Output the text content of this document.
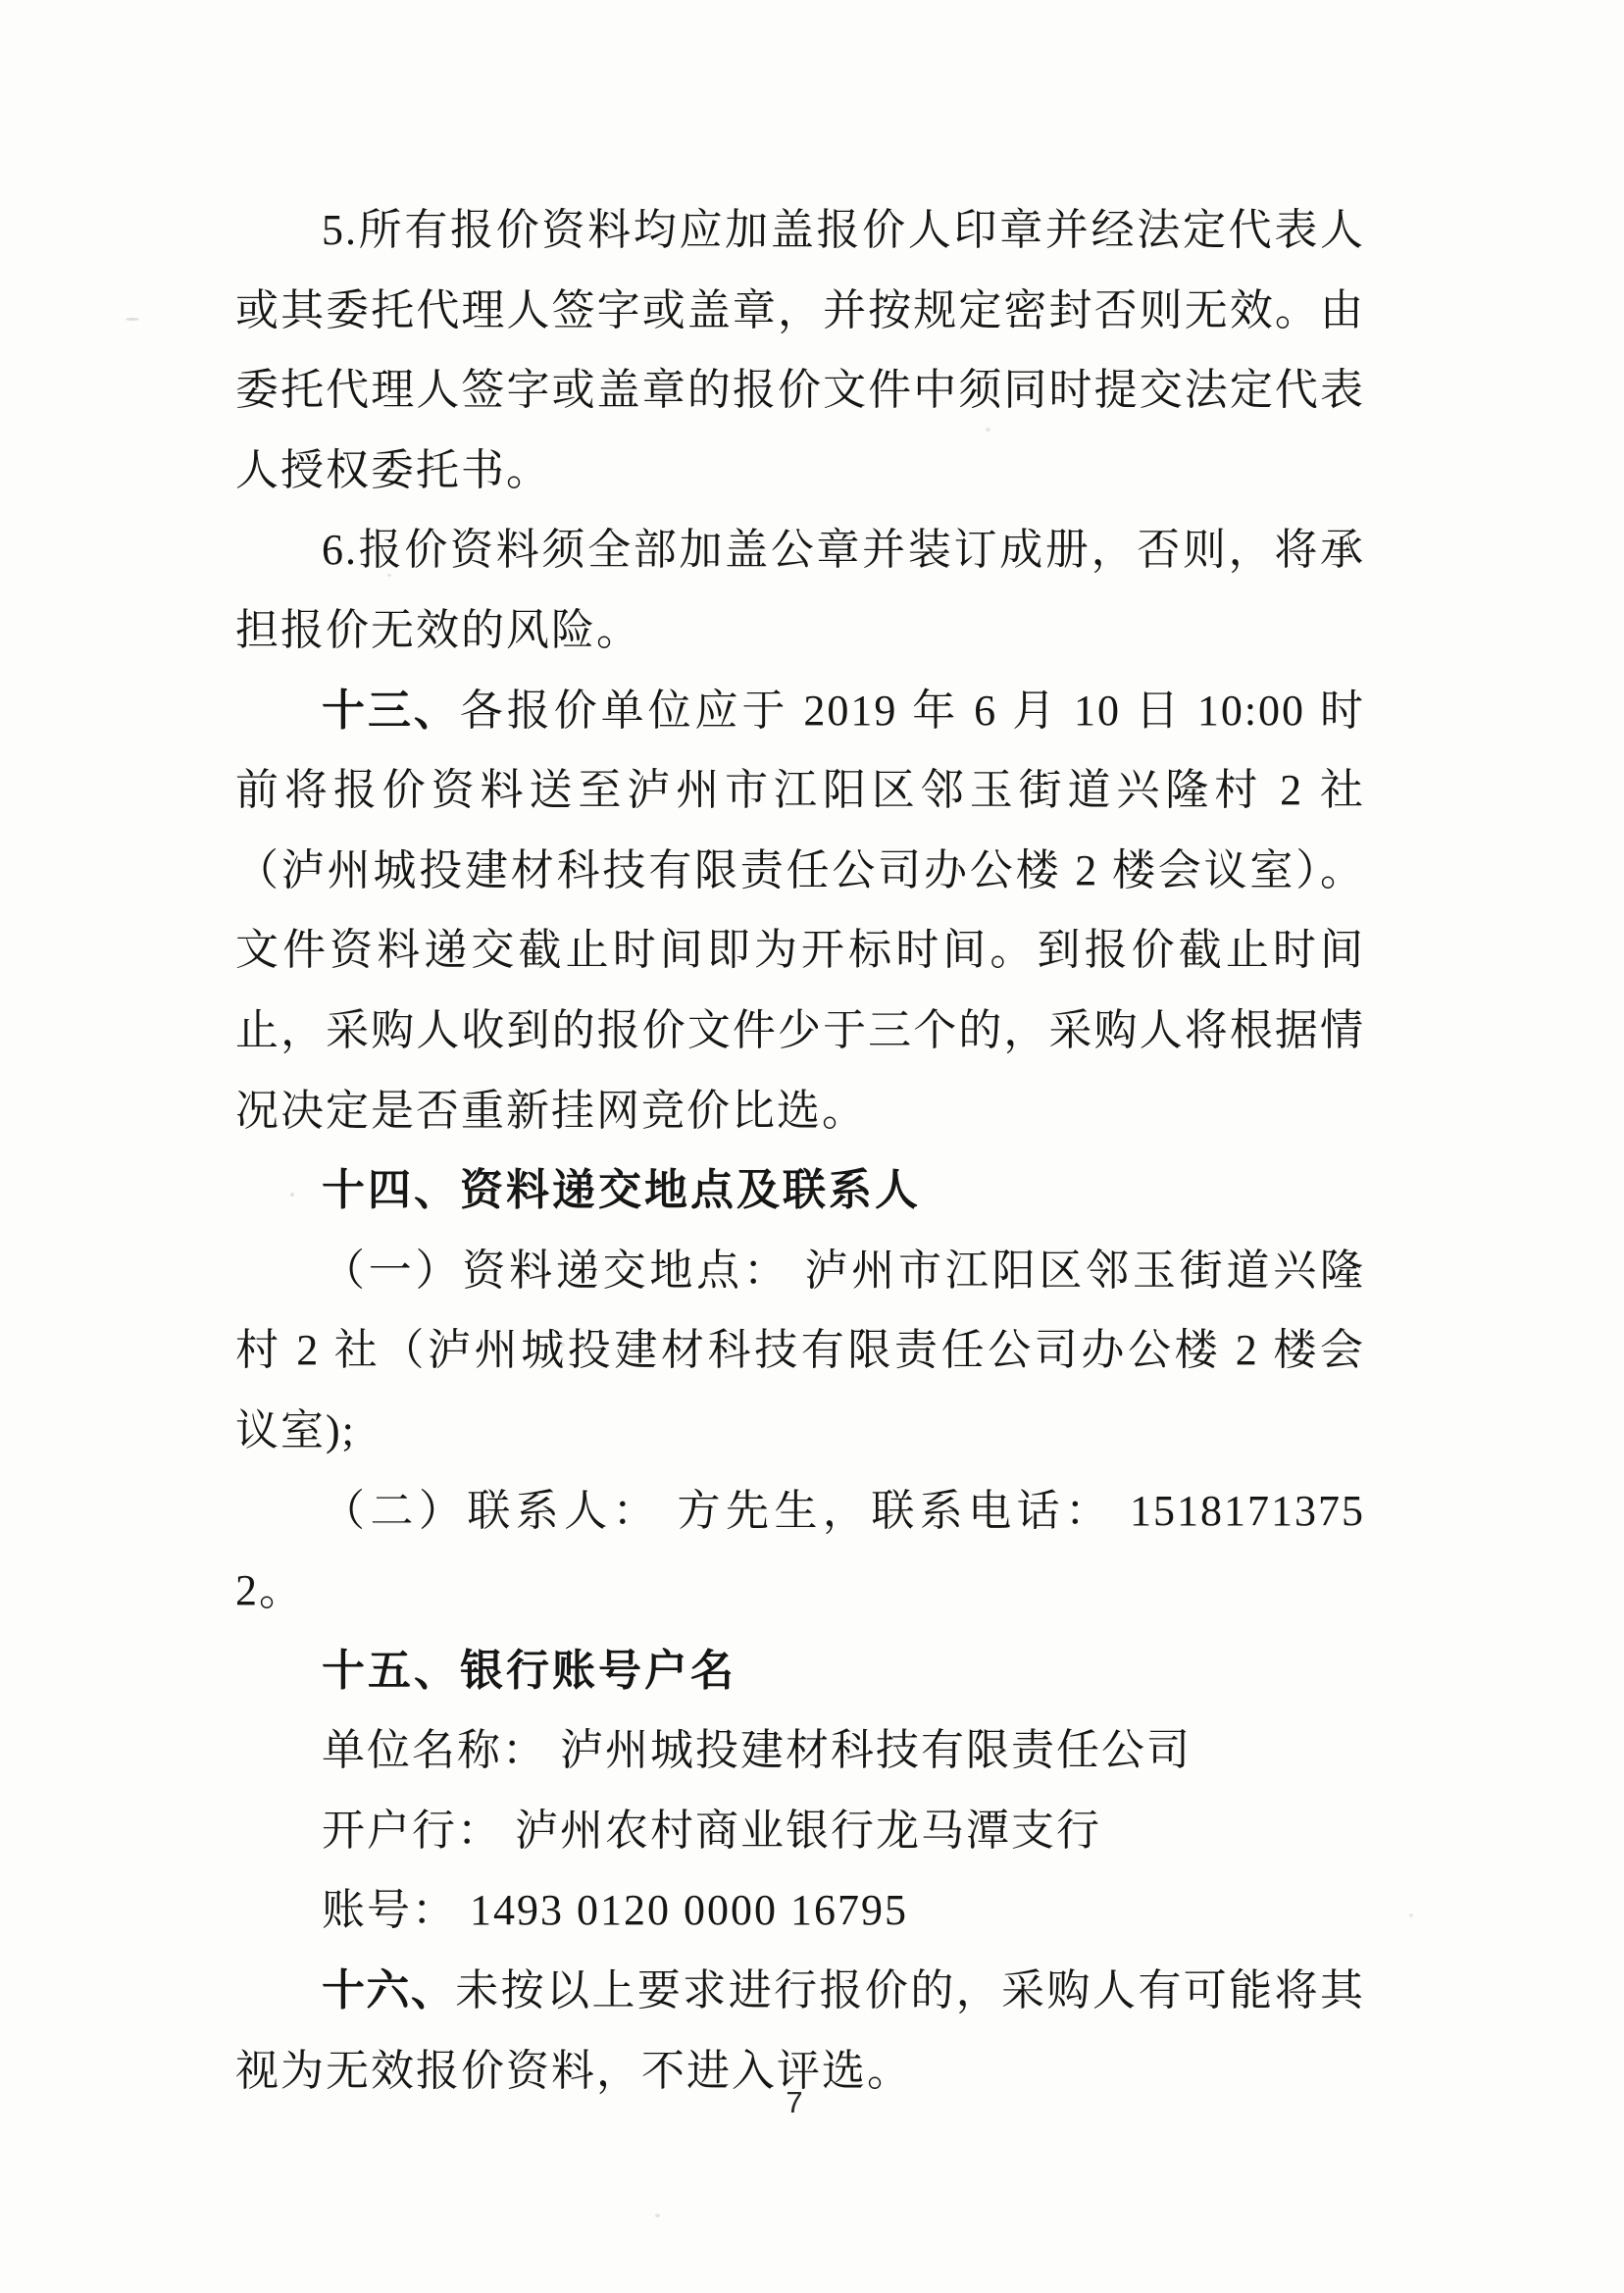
5.所有报价资料均应加盖报价人印章并经法定代表人或其委托代理人签字或盖章，并按规定密封否则无效。由委托代理人签字或盖章的报价文件中须同时提交法定代表人授权委托书。

6.报价资料须全部加盖公章并装订成册，否则，将承担报价无效的风险。

十三、各报价单位应于 2019 年 6 月 10 日 10:00 时前将报价资料送至泸州市江阳区邻玉街道兴隆村 2 社（泸州城投建材科技有限责任公司办公楼 2 楼会议室）。文件资料递交截止时间即为开标时间。到报价截止时间止，采购人收到的报价文件少于三个的，采购人将根据情况决定是否重新挂网竞价比选。

十四、资料递交地点及联系人

（一）资料递交地点： 泸州市江阳区邻玉街道兴隆村 2 社（泸州城投建材科技有限责任公司办公楼 2 楼会议室);

（二）联系人： 方先生，联系电话： 15181713752。

十五、银行账号户名

单位名称： 泸州城投建材科技有限责任公司

开户行： 泸州农村商业银行龙马潭支行

账号： 1493 0120 0000 16795

十六、未按以上要求进行报价的，采购人有可能将其视为无效报价资料，不进入评选。

7
